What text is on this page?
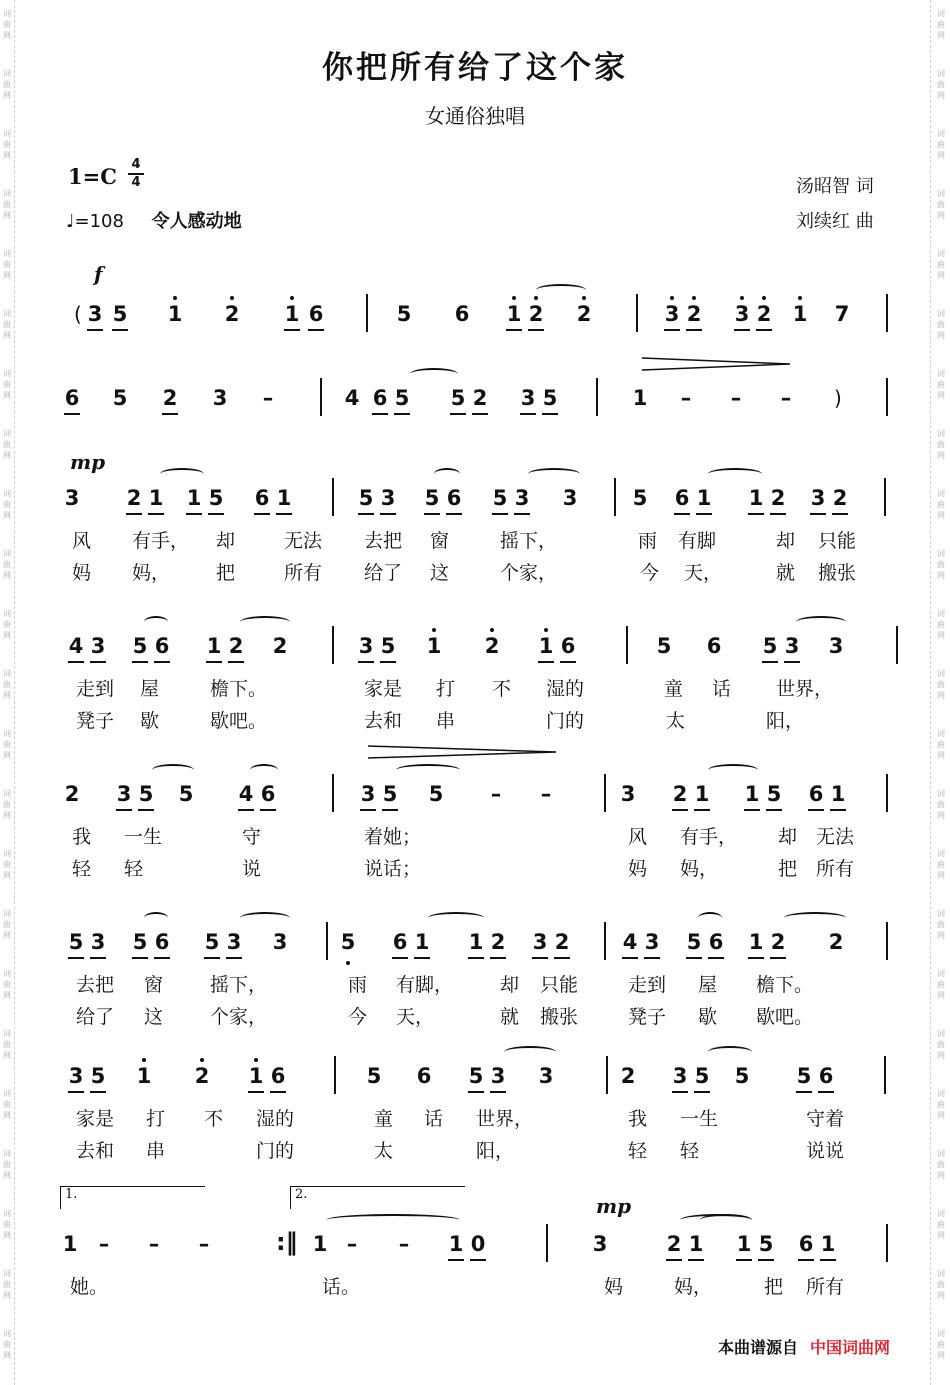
词曲网
词曲网
词曲网
词曲网
词曲网
词曲网
词曲网
词曲网
词曲网
词曲网
词曲网
词曲网
词曲网
词曲网
词曲网
词曲网
词曲网
词曲网
词曲网
词曲网
词曲网
词曲网
词曲网
词曲网
词曲网
词曲网
词曲网
词曲网
词曲网
词曲网
词曲网
词曲网
词曲网
词曲网
词曲网
词曲网
词曲网
词曲网
词曲网
词曲网
词曲网
词曲网
词曲网
词曲网
词曲网
词曲网
你把所有给了这个家
女通俗独唱
1=C 4
4
♩=108 令人感动地
汤昭智 词
刘续红 曲
f
mp
mp
(
)
1.	2.
3 5 1 2 1 6	5 6 1 2 2	3 2 3 2 1 7
6 5 2 3 –	4 6 5 5 2 3 5	1 – – –
3 2 1 1 5 6 1	5 3 5 6 5 3 3	5 6 1 1 2 3 2
风 有手， 却	无法 去把 窗	摇下，	雨 有脚	却 只能
妈 妈， 把	所有 给了 这	个家，	今 天，	就 搬张
4 3 5 6 1 2 2	3 5 1 2 1 6	5 6 5 3 3
走到 屋	檐下。	家是 打 不 湿的	童 话 世界，
凳子 歇	歇吧。	去和 串	门的	太	阳，
2 3 5 5 4 6	3 5 5 – –	3 2 1 1 5 6 1
我 一生	守	着她；	风 有手， 却 无法
轻 轻	说	说话；	妈 妈，	把 所有
5 3 5 6 5 3 3	5 6 1 1 2 3 2	4 3 5 6 1 2 2
去把 窗 摇下，	雨 有脚， 却 只能	走到 屋 檐下。
给了 这 个家，	今 天，	就 搬张	凳子 歇 歇吧。
3 5 1 2 1 6	5 6 5 3 3	2 3 5 5 5 6
家是 打 不 湿的	童 话 世界，	我 一生	守着
去和 串	门的	太	阳，	轻 轻	说说
1 – – –	1 – – 1 0	3	2 1 1 5 6 1
:‖
她。	话。	妈	妈，	把 所有
本曲谱源自 中国词曲网
